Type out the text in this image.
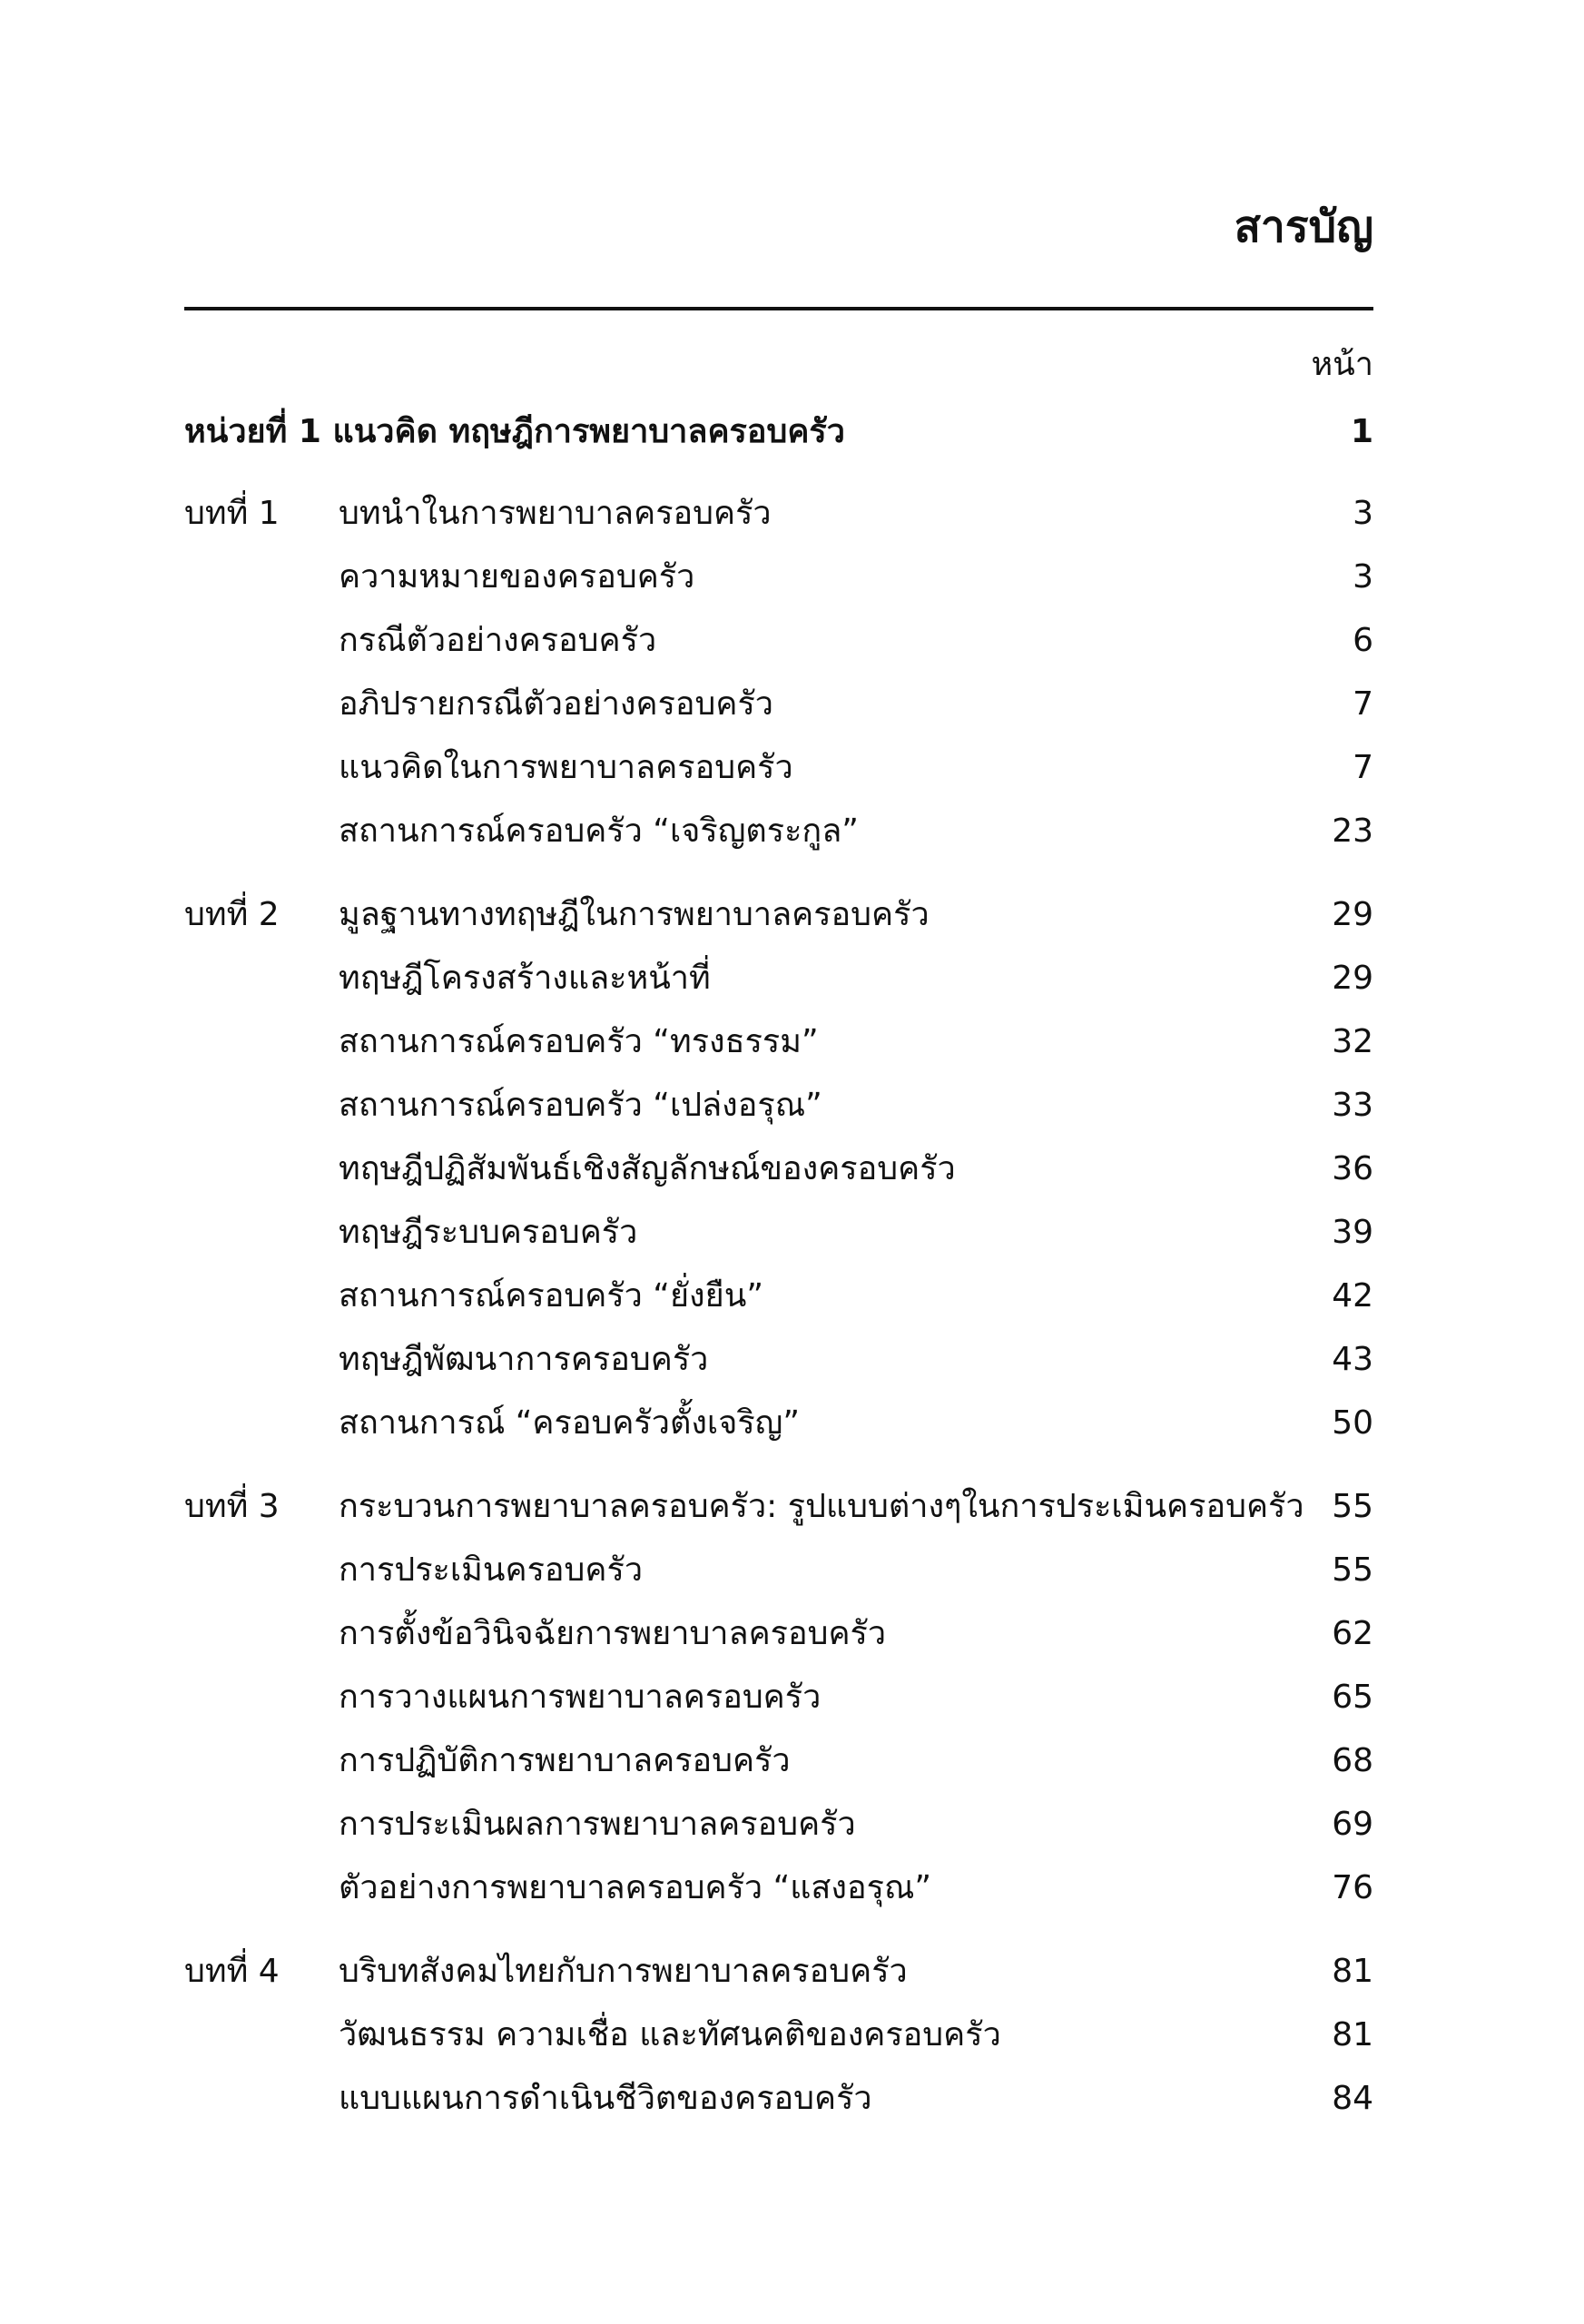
สารบัญ
หน้า
หน่วยที่ 1 แนวคิด ทฤษฎีการพยาบาลครอบครัว	1
บทที่ 1 บทนำในการพยาบาลครอบครัว	3
ความหมายของครอบครัว	3
กรณีตัวอย่างครอบครัว	6
อภิปรายกรณีตัวอย่างครอบครัว	7
แนวคิดในการพยาบาลครอบครัว	7
สถานการณ์ครอบครัว “เจริญตระกูล”	23
บทที่ 2 มูลฐานทางทฤษฎีในการพยาบาลครอบครัว	29
ทฤษฎีโครงสร้างและหน้าที่	29
สถานการณ์ครอบครัว “ทรงธรรม”	32
สถานการณ์ครอบครัว “เปล่งอรุณ”	33
ทฤษฎีปฏิสัมพันธ์เชิงสัญลักษณ์ของครอบครัว	36
ทฤษฎีระบบครอบครัว	39
สถานการณ์ครอบครัว “ยั่งยืน”	42
ทฤษฎีพัฒนาการครอบครัว	43
สถานการณ์ “ครอบครัวตั้งเจริญ”	50
บทที่ 3 กระบวนการพยาบาลครอบครัว: รูปแบบต่างๆในการประเมินครอบครัว 55
การประเมินครอบครัว	55
การตั้งข้อวินิจฉัยการพยาบาลครอบครัว	62
การวางแผนการพยาบาลครอบครัว	65
การปฏิบัติการพยาบาลครอบครัว	68
การประเมินผลการพยาบาลครอบครัว	69
ตัวอย่างการพยาบาลครอบครัว “แสงอรุณ”	76
บทที่ 4 บริบทสังคมไทยกับการพยาบาลครอบครัว	81
วัฒนธรรม ความเชื่อ และทัศนคติของครอบครัว	81
แบบแผนการดำเนินชีวิตของครอบครัว	84
